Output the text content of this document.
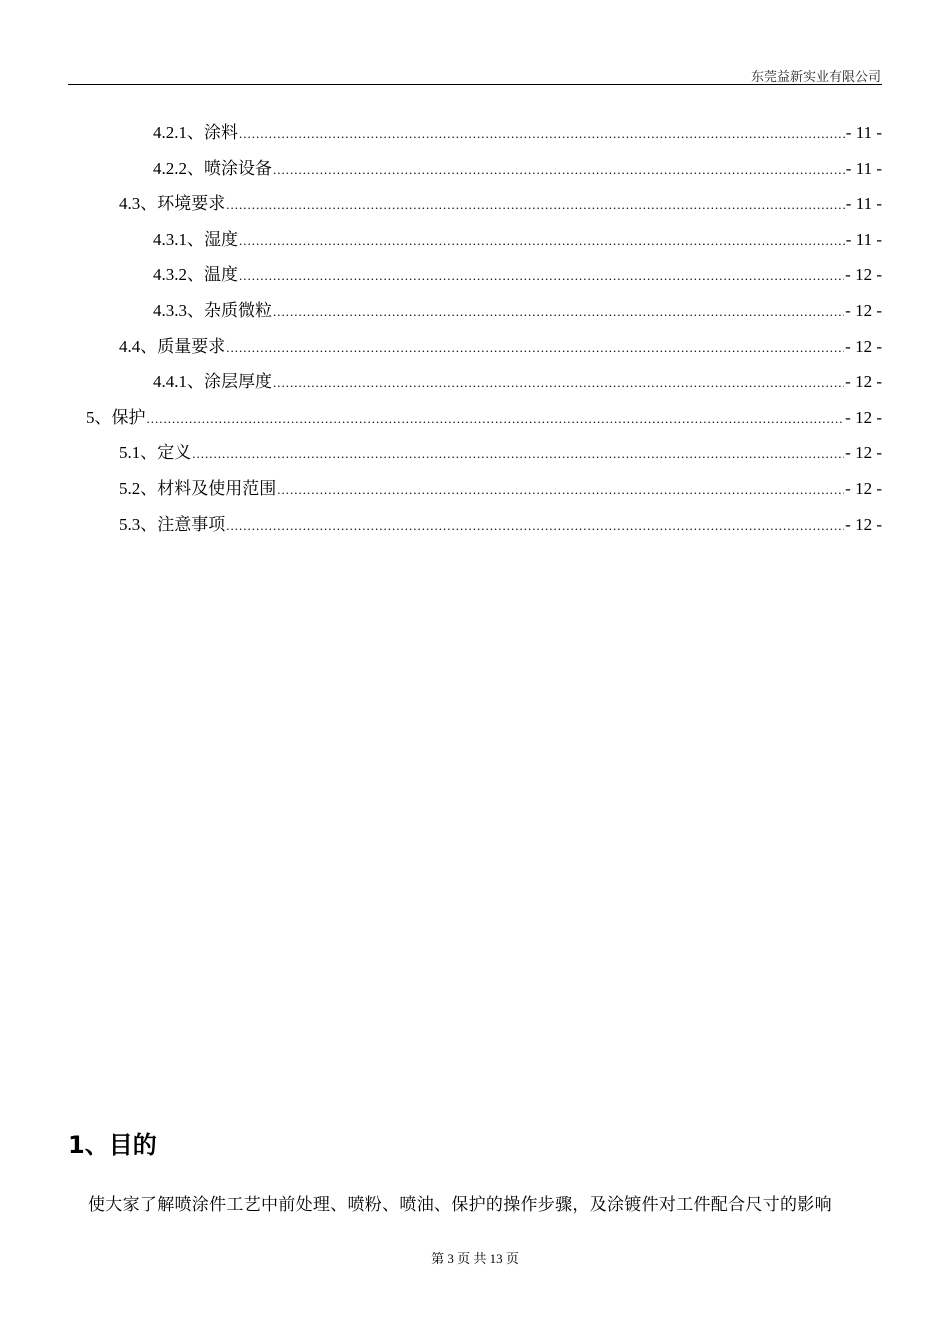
东莞益新实业有限公司
4.2.1、涂料 .....	- 11 -
4.2.2、喷涂设备 .....	- 11 -
4.3、环境要求 .....	- 11 -
4.3.1、湿度 .....	- 11 -
4.3.2、温度 .....	- 12 -
4.3.3、杂质微粒 .....	- 12 -
4.4、质量要求 .....	- 12 -
4.4.1、涂层厚度 .....	- 12 -
5、保护 .....	- 12 -
5.1、定义 .....	- 12 -
5.2、材料及使用范围 .....	- 12 -
5.3、注意事项 .....	- 12 -
1、目的
使大家了解喷涂件工艺中前处理、喷粉、喷油、保护的操作步骤，及涂镀件对工件配合尺寸的影响
第 3 页 共 13 页
